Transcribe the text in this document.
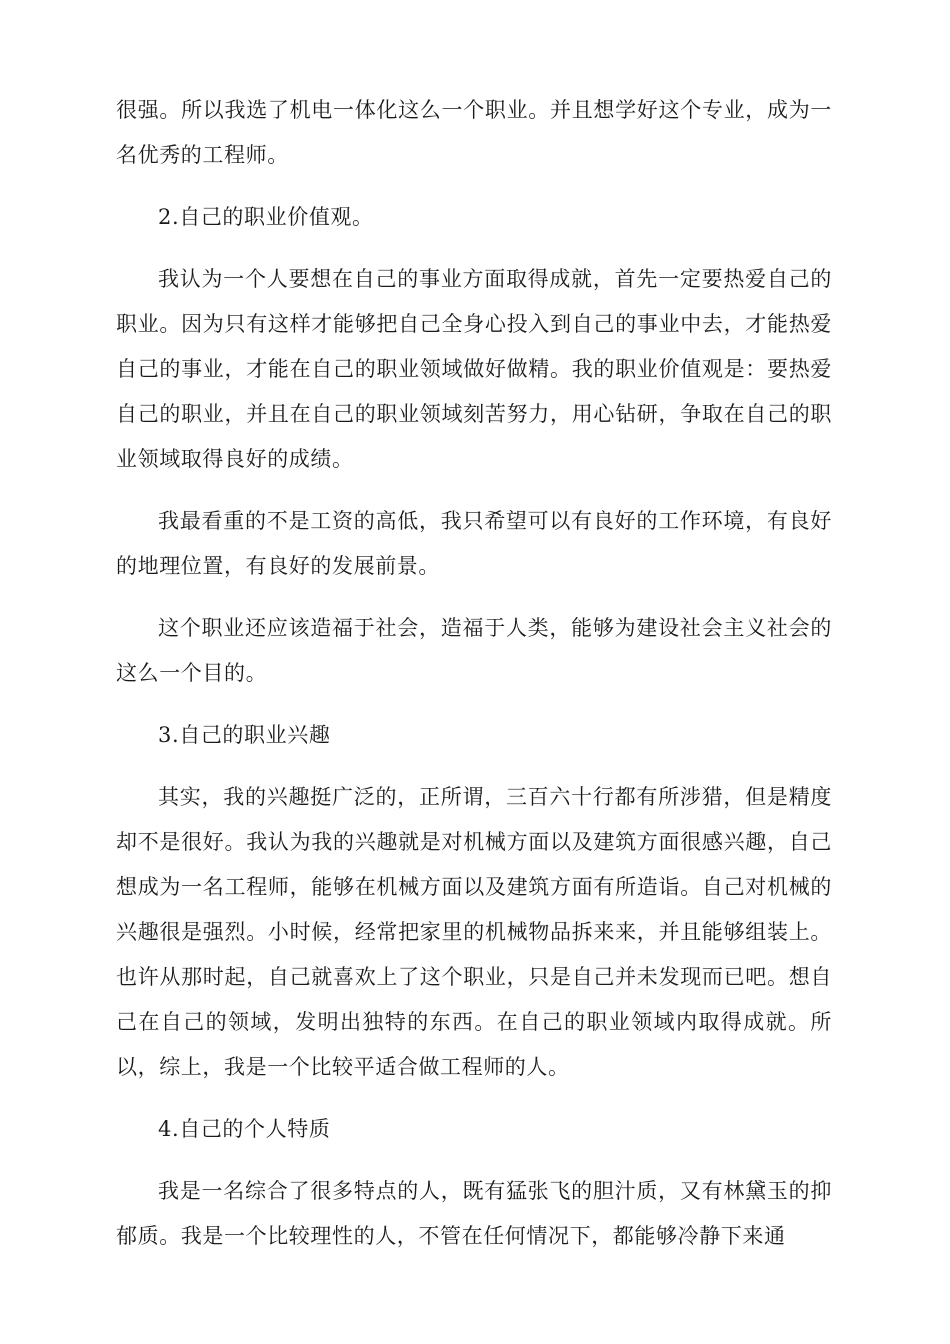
很强。所以我选了机电一体化这么一个职业。并且想学好这个专业，成为一名优秀的工程师。

2.自己的职业价值观。

我认为一个人要想在自己的事业方面取得成就，首先一定要热爱自己的职业。因为只有这样才能够把自己全身心投入到自己的事业中去，才能热爱自己的事业，才能在自己的职业领域做好做精。我的职业价值观是：要热爱自己的职业，并且在自己的职业领域刻苦努力，用心钻研，争取在自己的职业领域取得良好的成绩。

我最看重的不是工资的高低，我只希望可以有良好的工作环境，有良好的地理位置，有良好的发展前景。

这个职业还应该造福于社会，造福于人类，能够为建设社会主义社会的这么一个目的。

3.自己的职业兴趣

其实，我的兴趣挺广泛的，正所谓，三百六十行都有所涉猎，但是精度却不是很好。我认为我的兴趣就是对机械方面以及建筑方面很感兴趣，自己想成为一名工程师，能够在机械方面以及建筑方面有所造诣。自己对机械的兴趣很是强烈。小时候，经常把家里的机械物品拆来来，并且能够组装上。也许从那时起，自己就喜欢上了这个职业，只是自己并未发现而已吧。想自己在自己的领域，发明出独特的东西。在自己的职业领域内取得成就。所以，综上，我是一个比较平适合做工程师的人。

4.自己的个人特质

我是一名综合了很多特点的人，既有猛张飞的胆汁质，又有林黛玉的抑郁质。我是一个比较理性的人，不管在任何情况下，都能够冷静下来通
